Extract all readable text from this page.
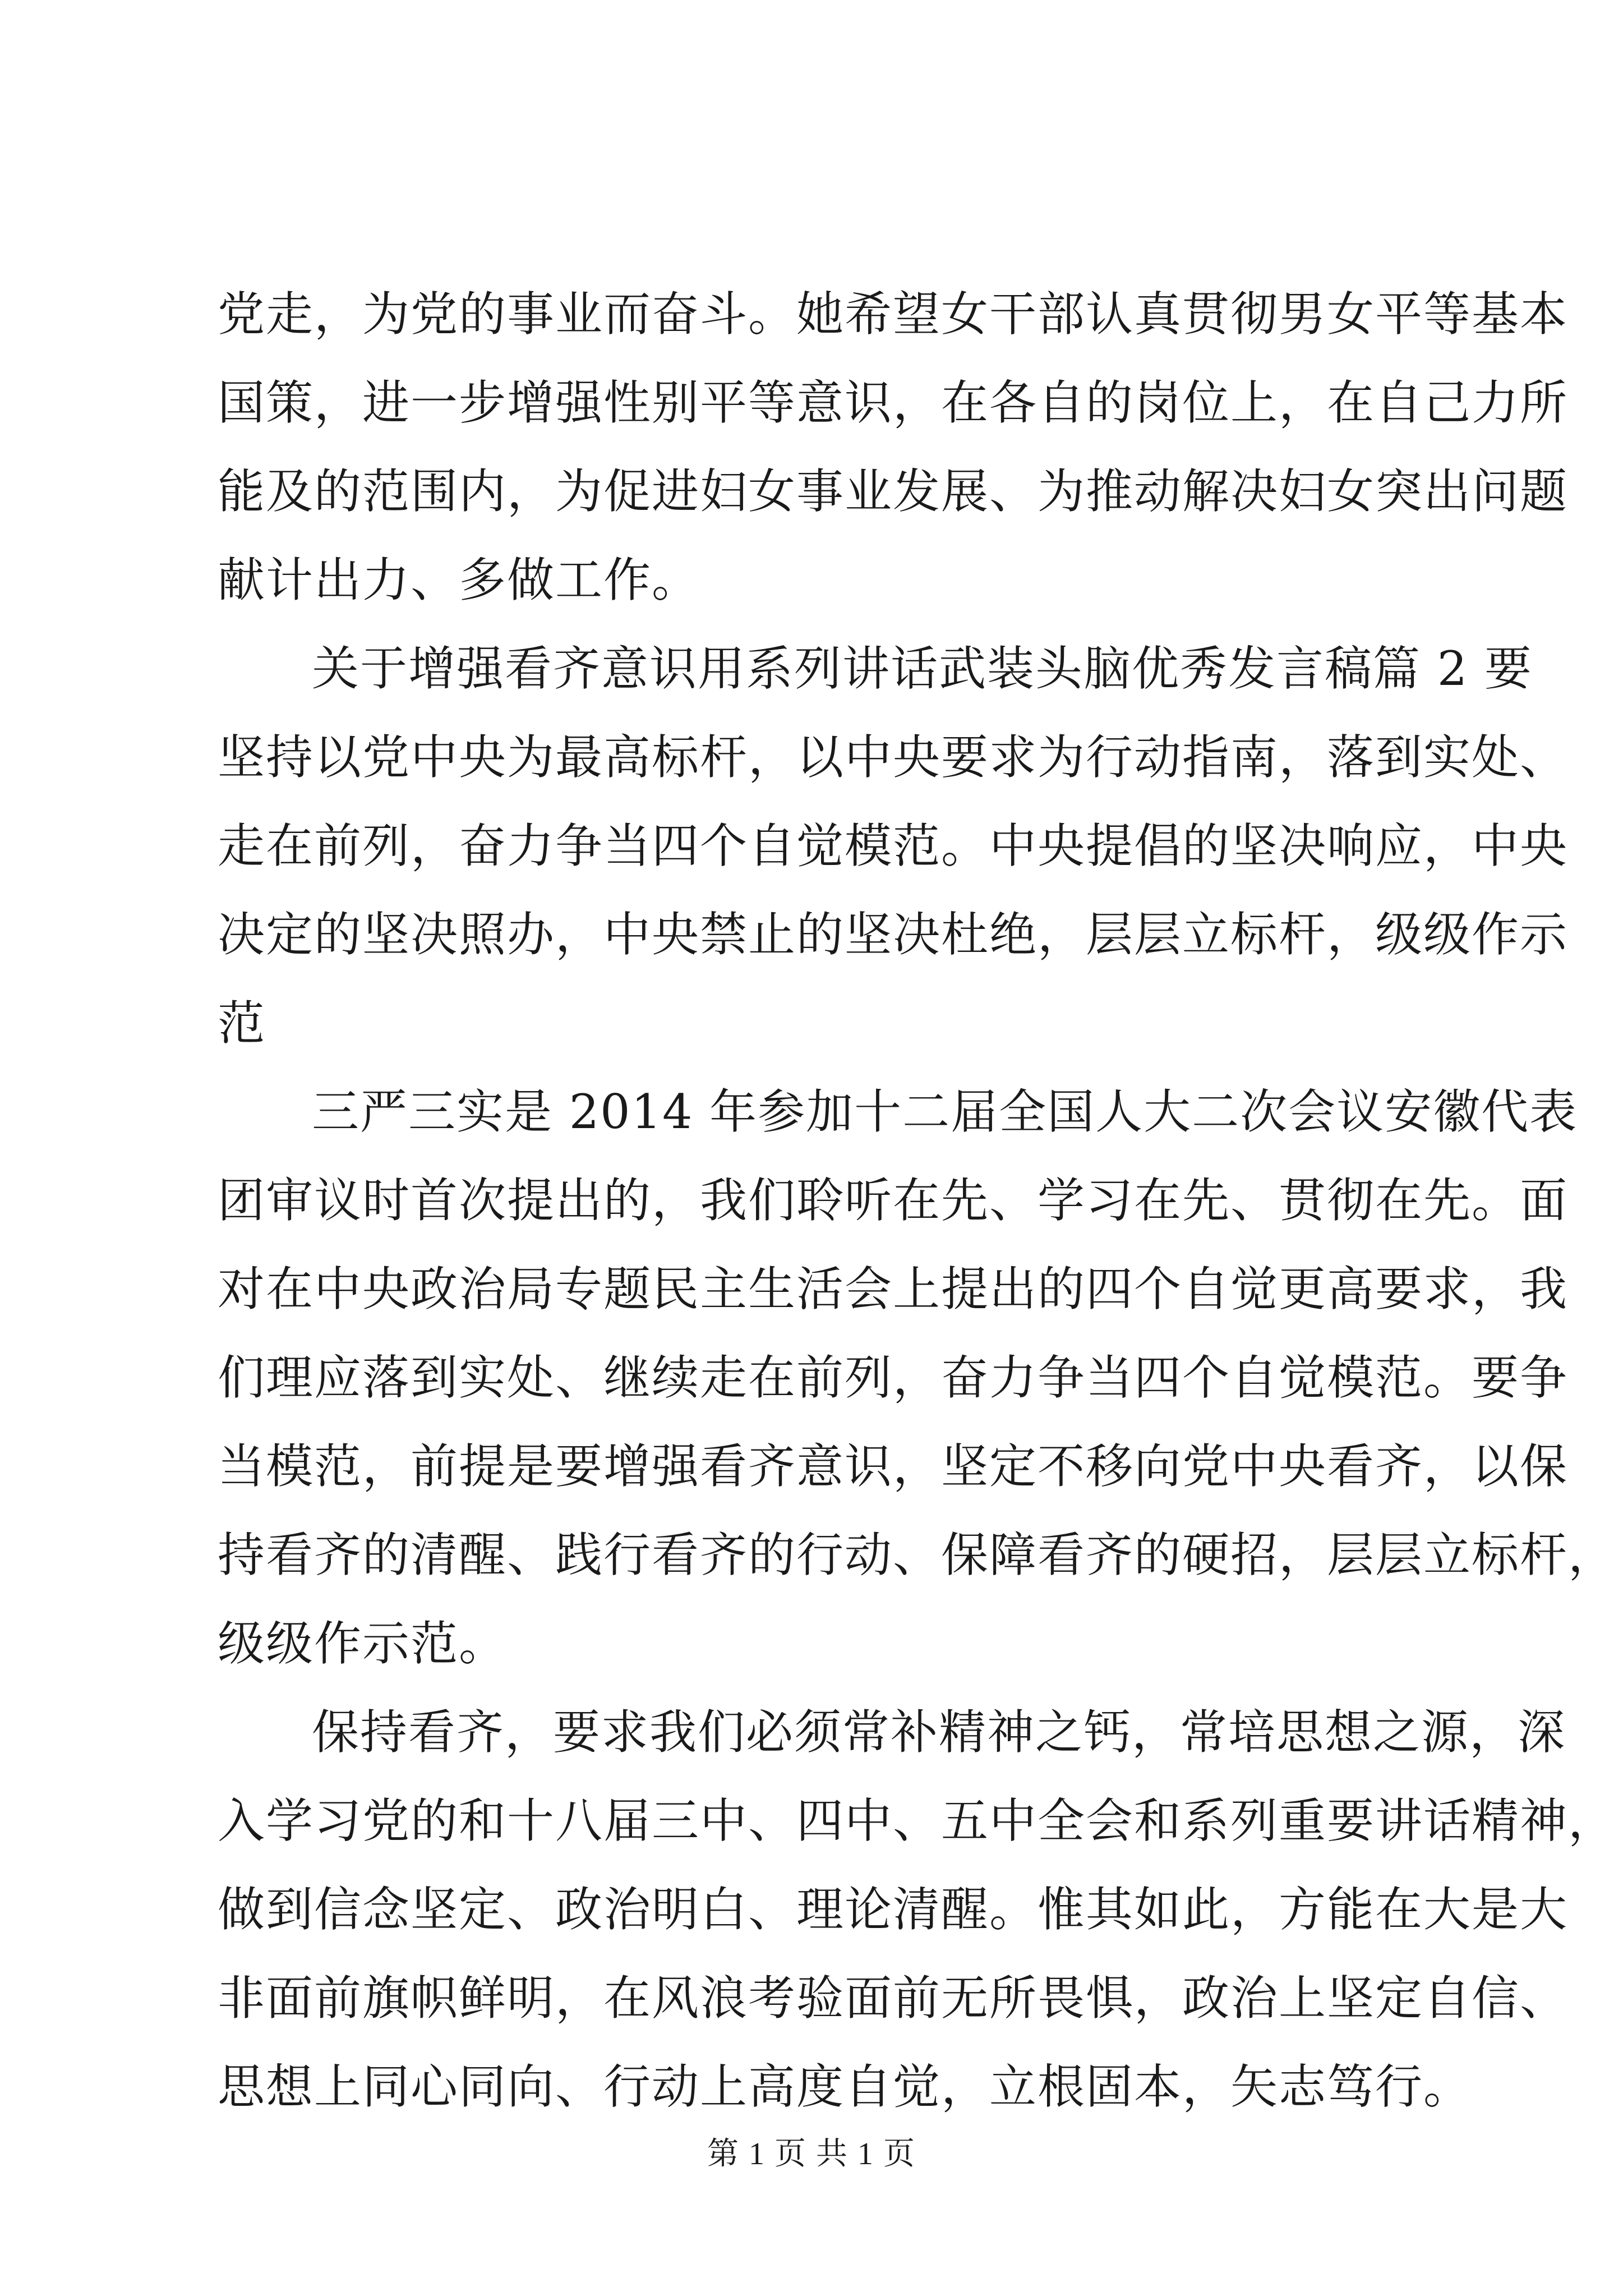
党走，为党的事业而奋斗。她希望女干部认真贯彻男女平等基本
国策，进一步增强性别平等意识，在各自的岗位上，在自己力所
能及的范围内，为促进妇女事业发展、为推动解决妇女突出问题
献计出力、多做工作。
关于增强看齐意识用系列讲话武装头脑优秀发言稿篇 2 要
坚持以党中央为最高标杆，以中央要求为行动指南，落到实处、
走在前列，奋力争当四个自觉模范。中央提倡的坚决响应，中央
决定的坚决照办，中央禁止的坚决杜绝，层层立标杆，级级作示
范
三严三实是 2014 年参加十二届全国人大二次会议安徽代表
团审议时首次提出的，我们聆听在先、学习在先、贯彻在先。面
对在中央政治局专题民主生活会上提出的四个自觉更高要求，我
们理应落到实处、继续走在前列，奋力争当四个自觉模范。要争
当模范，前提是要增强看齐意识，坚定不移向党中央看齐，以保
持看齐的清醒、践行看齐的行动、保障看齐的硬招，层层立标杆，
级级作示范。
保持看齐，要求我们必须常补精神之钙，常培思想之源，深
入学习党的和十八届三中、四中、五中全会和系列重要讲话精神，
做到信念坚定、政治明白、理论清醒。惟其如此，方能在大是大
非面前旗帜鲜明，在风浪考验面前无所畏惧，政治上坚定自信、
思想上同心同向、行动上高度自觉，立根固本，矢志笃行。
第 1 页 共 1 页
